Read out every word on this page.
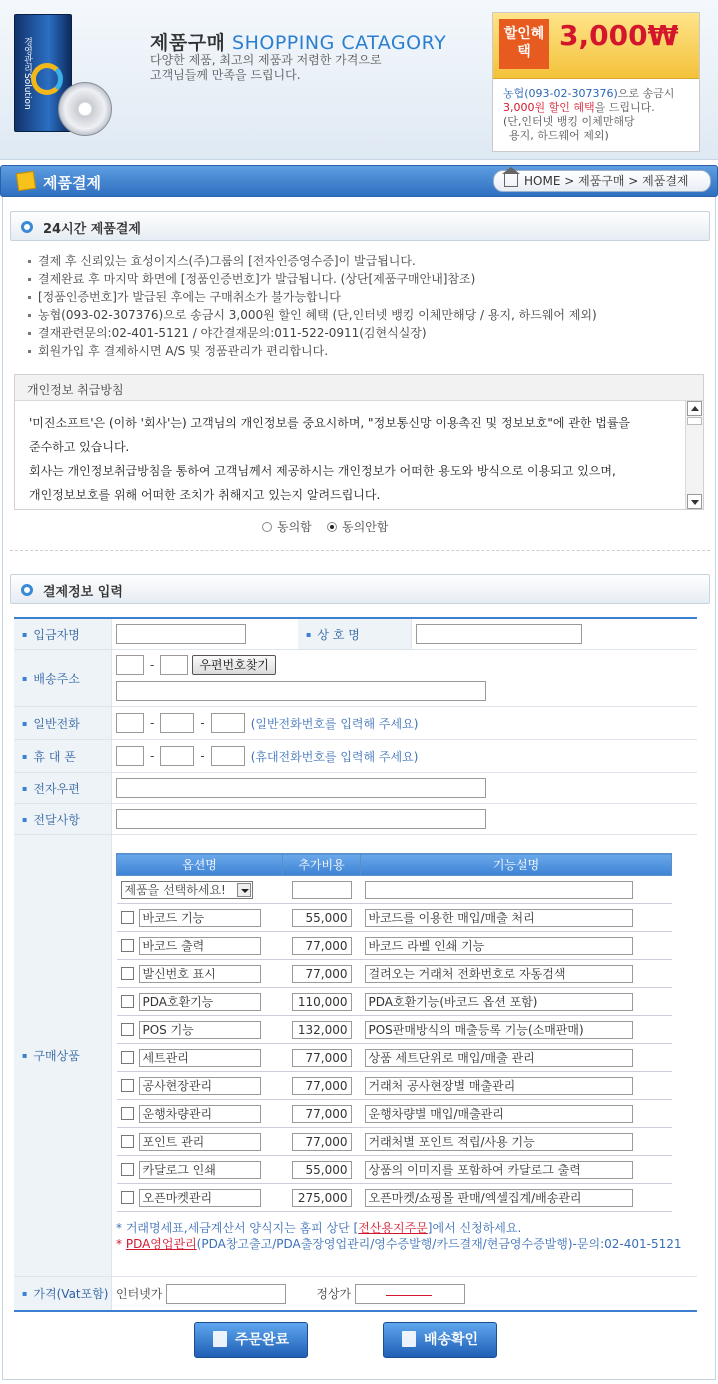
경영관리Solution	제품구매 SHOPPING CATAGORY
다양한 제품, 최고의 제품과 저렴한 가격으로
고객님들께 만족을 드립니다.
할인혜택	3,000₩
농협(093-02-307376)으로 송금시
3,000원 할인 혜택을 드립니다.
(단,인터넷 뱅킹 이체만해당
용지, 하드웨어 제외)
제품결제	HOME > 제품구매 > 제품결제
24시간 제품결제
결제 후 신뢰있는 효성이지스(주)그룹의 [전자인증영수증]이 발급됩니다.
결제완료 후 마지막 화면에 [정품인증번호]가 발급됩니다. (상단[제품구매안내]참조)
[정품인증번호]가 발급된 후에는 구매취소가 불가능합니다
농협(093-02-307376)으로 송금시 3,000원 할인 혜택 (단,인터넷 뱅킹 이체만해당 / 용지, 하드웨어 제외)
결재관련문의:02-401-5121 / 야간결재문의:011-522-0911(김현식실장)
회원가입 후 결제하시면 A/S 및 정품관리가 편리합니다.
개인정보 취급방침
'미진소프트'은 (이하 '회사'는) 고객님의 개인정보를 중요시하며, "정보통신망 이용촉진 및 정보보호"에 관한 법률을
준수하고 있습니다.
회사는 개인정보취급방침을 통하여 고객님께서 제공하시는 개인정보가 어떠한 용도와 방식으로 이용되고 있으며,
개인정보보호를 위해 어떠한 조치가 취해지고 있는지 알려드립니다.
동의함	동의안함
결제정보 입력
▪ 입금자명	▪ 상 호 명
▪ 배송주소
-	우편번호찾기
▪ 일반전화	-	-	(일반전화번호를 입력해 주세요)
▪ 휴 대 폰	-	-	(휴대전화번호를 입력해 주세요)
▪ 전자우편
▪ 전달사항
▪ 구매상품
옵션명	추가비용	기능설명
제품을 선택하세요!

바코드 기능	55,000	바코드를 이용한 매입/매출 처리
바코드 출력	77,000	바코드 라벨 인쇄 기능
발신번호 표시	77,000	걸려오는 거래처 전화번호로 자동검색
PDA호환기능	110,000	PDA호환기능(바코드 옵션 포함)
POS 기능	132,000	POS판매방식의 매출등록 기능(소매판매)
세트관리	77,000	상품 세트단위로 매입/매출 관리
공사현장관리	77,000	거래처 공사현장별 매출관리
운행차량관리	77,000	운행차량별 매입/매출관리
포인트 관리	77,000	거래처별 포인트 적립/사용 기능
카달로그 인쇄	55,000	상품의 이미지를 포함하여 카달로그 출력
오픈마켓관리	275,000	오픈마켓/쇼핑몰 판매/엑셀집계/배송관리
* 거래명세표,세금계산서 양식지는 홈피 상단 [전산용지주문]에서 신청하세요.
* PDA영업관리(PDA창고출고/PDA출장영업관리/영수증발행/카드결재/현금영수증발행)-문의:02-401-5121
▪ 가격(Vat포함) 인터넷가	정상가
주문완료	배송확인
